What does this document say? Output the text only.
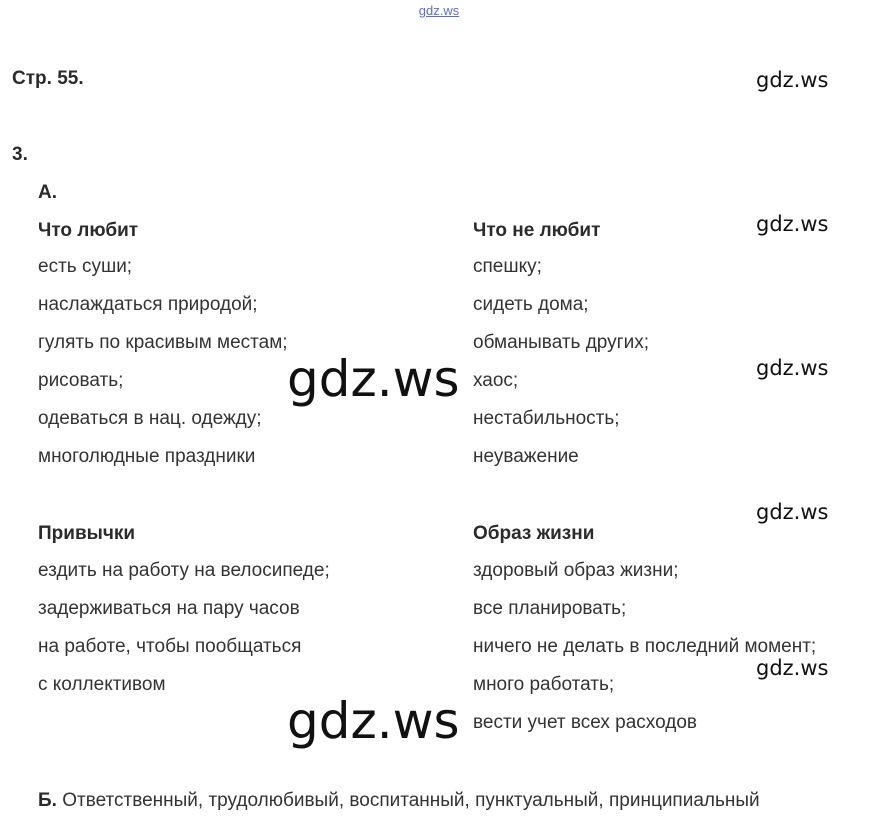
gdz.ws
Стр. 55.
3.
А.
Что любит
есть суши;
наслаждаться природой;
гулять по красивым местам;
рисовать;
одеваться в нац. одежду;
многолюдные праздники
Что не любит
спешку;
сидеть дома;
обманывать других;
хаос;
нестабильность;
неуважение
Привычки
ездить на работу на велосипеде;
задерживаться на пару часов
на работе, чтобы пообщаться
с коллективом
Образ жизни
здоровый образ жизни;
все планировать;
ничего не делать в последний момент;
много работать;
вести учет всех расходов
Б. Ответственный, трудолюбивый, воспитанный, пунктуальный, принципиальный
gdz.ws
gdz.ws
gdz.ws
gdz.ws
gdz.ws
gdz.ws
gdz.ws
